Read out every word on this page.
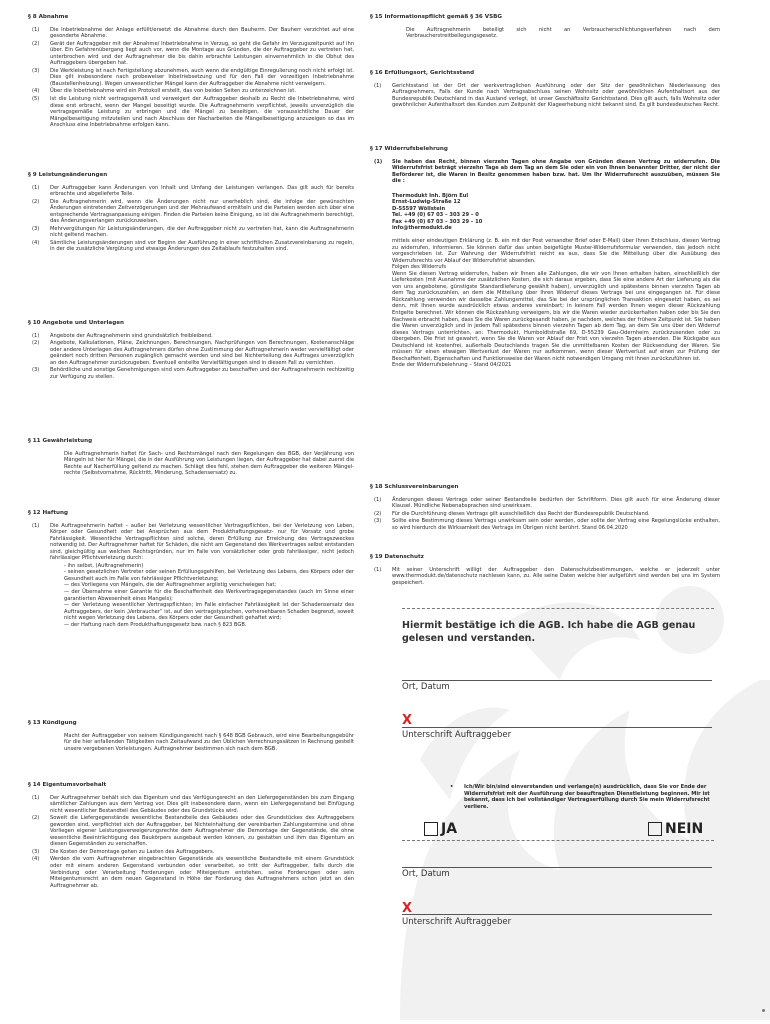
§ 8 Abnahme
(1)	Die Inbetriebnahme der Anlage erfüllt/ersetzt die Abnahme durch den Bauherrn. Der Bauherr verzichtet auf eine gesonderte Abnahme.
(2)	Gerät der Auftraggeber mit der Abnahme/ Inbetriebnahme in Verzug, so geht die Gefahr im Verzugszeitpunkt auf ihn über. Ein Gefahrenübergang liegt auch vor, wenn die Montage aus Gründen, die der Auftraggeber zu vertreten hat, unterbrochen wird und der Auftragnehmer die bis dahin erbrachte Leistungen einvernehmlich in die Obhut des Auftraggebers übergeben hat.
(3)	Die Werkleistung ist nach Fertigstellung abzunehmen, auch wenn die endgültige Einregulierung noch nicht erfolgt ist. Dies gilt insbesondere nach probeweiser Inbetriebsetzung und für den Fall der vorzeitigen Inbetriebnahme (Baustellenheizung). Wegen unwesentlicher Mängel kann der Auftraggeber die Abnahme nicht verweigern.
(4)	Über die Inbetriebnahme wird ein Protokoll erstellt, das von beiden Seiten zu unterzeichnen ist.
(5)	Ist die Leistung nicht vertragsgemäß und verweigert der Auftraggeber deshalb zu Recht die Inbetriebnahme, wird diese erst erbracht, wenn der Mangel beseitigt wurde. Die Auftragnehmerin verpflichtet, jeweils unverzüglich die vertragsgemäße Leistung zu erbringen und die Mängel zu beseitigen, die voraussichtliche Dauer der Mängelbeseitigung mitzuteilen und nach Abschluss der Nacharbeiten die Mängelbeseitigung anzuzeigen so das im Anschluss eine Inbetriebnahme erfolgen kann.
§ 9 Leistungsänderungen
(1)	Der Auftraggeber kann Änderungen von Inhalt und Umfang der Leistungen verlangen. Das gilt auch für bereits erbrachte und abgelieferte Teile.
(2)	Die Auftragnehmerin wird, wenn die Änderungen nicht nur unerheblich sind, die infolge der gewünschten Änderungen eintretenden Zeitverzögerungen und der Mehraufwand ermitteln und die Parteien werden sich über eine entsprechende Vertragsanpassung einigen. Finden die Parteien keine Einigung, so ist die Auftragnehmerin berechtigt, das Änderungsverlangen zurückzuweisen.
(3)	Mehrvergütungen für Leistungsänderungen, die der Auftraggeber nicht zu vertreten hat, kann die Auftragnehmerin nicht geltend machen.
(4)	Sämtliche Leistungsänderungen sind vor Beginn der Ausführung in einer schriftlichen Zusatzvereinbarung zu regeln, in der die zusätzliche Vergütung und etwaige Änderungen des Zeitablaufs festzuhalten sind.
§ 10 Angebote und Unterlagen
(1)	Angebote der Auftragnehmerin sind grundsätzlich freibleibend.
(2)	Angebote, Kalkulationen, Pläne, Zeichnungen, Berechnungen, Nachprüfungen von Berechnungen, Kostenanschläge oder andere Unterlagen des Auftragnehmers dürfen ohne Zustimmung der Auftragnehmerin weder vervielfältigt oder geändert noch dritten Personen zugänglich gemacht werden und sind bei Nichterteilung des Auftrages unverzüglich an den Auftragnehmer zurückzugeben. Eventuell erstellte Vervielfältigungen sind in diesem Fall zu vernichten.
(3)	Behördliche und sonstige Genehmigungen sind vom Auftraggeber zu beschaffen und der Auftragnehmerin rechtzeitig zur Verfügung zu stellen.
§ 11 Gewährleistung
Die Auftragnehmerin haftet für Sach- und Rechtsmängel nach den Regelungen des BGB, der Verjährung von Mängeln ist hier für Mängel, die in der Ausführung von Leistungen liegen, der Auftraggeber hat dabei zuerst die Rechte auf Nacherfüllung geltend zu machen. Schlägt dies fehl, stehen dem Auftraggeber die weiteren Mängel- rechte (Selbstvornahme, Rücktritt, Minderung, Schadensersatz) zu.
§ 12 Haftung
(1)	Die Auftragnehmerin haftet – außer bei Verletzung wesentlicher Vertragspflichten, bei der Verletzung von Leben, Körper oder Gesundheit oder bei Ansprüchen aus dem Produkthaftungsgesetz- nur für Vorsatz und grobe Fahrlässigkeit. Wesentliche Vertragspflichten sind solche, deren Erfüllung zur Erreichung des Vertragszweckes notwendig ist. Der Auftragnehmer haftet für Schäden, die nicht am Gegenstand des Werkvertrages selbst entstanden sind, gleichgültig aus welchen Rechtsgründen, nur im Falle von vorsätzlicher oder grob fahrlässiger, nicht jedoch fahrlässiger Pflichtverletzung durch:
- ihn selbst, (Auftragnehmerin)
- seinen gesetzlichen Vertreter oder seinen Erfüllungsgehilfen, bei Verletzung des Lebens, des Körpers oder der Gesundheit auch im Falle von fahrlässiger Pflichtverletzung;
— des Vorliegens von Mängeln, die der Auftragnehmer arglistig verschwiegen hat;
— der Übernahme einer Garantie für die Beschaffenheit des Werkvertragsgegenstandes (auch im Sinne einer garantierten Abwesenheit eines Mangels);
— der Verletzung wesentlicher Vertragspflichten; im Falle einfacher Fahrlässigkeit ist der Schadensersatz des Auftraggebers, der kein „Verbraucher“ ist, auf den vertragstypischen, vorhersehbaren Schaden begrenzt, soweit nicht wegen Verletzung des Lebens, des Körpers oder der Gesundheit gehaftet wird;
— der Haftung nach dem Produkthaftungsgesetz bzw. nach § 823 BGB.
§ 13 Kündigung
Macht der Auftraggeber von seinem Kündigungsrecht nach § 648 BGB Gebrauch, wird eine Bearbeitungsgebühr für die hier anfallenden Tätigkeiten nach Zeitaufwand zu den Üblichen Verrechnungssätzen in Rechnung gestellt unsere vergebenen Vorleistungen. Auftragnehmer bestimmen sich nach dem BGB.
§ 14 Eigentumsvorbehalt
(1)	Der Auftragnehmer behält sich das Eigentum und das Verfügungsrecht an den Liefergegenständen bis zum Eingang sämtlicher Zahlungen aus dem Vertrag vor. Dies gilt insbesondere dann, wenn ein Liefergegenstand bei Einfügung nicht wesentlicher Bestandteil des Gebäudes oder des Grundstücks wird.
(2)	Soweit die Liefergegenstände wesentliche Bestandteile des Gebäudes oder des Grundstückes des Auftraggebers geworden sind, verpflichtet sich der Auftraggeber, bei Nichteinhaltung der vereinbarten Zahlungstermine und ohne Vorliegen eigener Leistungsverweigerungsrechte dem Auftragnehmer die Demontage der Gegenstände, die ohne wesentliche Beeinträchtigung des Baukörpers ausgebaut werden können, zu gestatten und ihm das Eigentum an diesen Gegenständen zu verschaffen.
(3)	Die Kosten der Demontage gehen zu Lasten des Auftraggebers.
(4)	Werden die vom Auftragnehmer eingebrachten Gegenstände als wesentliche Bestandteile mit einem Grundstück oder mit einem anderen Gegenstand verbunden oder verarbeitet, so tritt der Auftraggeber, falls durch die Verbindung oder Verarbeitung Forderungen oder Miteigentum entstehen, seine Forderungen oder sein Miteigentumsrecht an dem neuen Gegenstand in Höhe der Forderung des Auftragnehmers schon jetzt an den Auftragnehmer ab.
§ 15 Informationspflicht gemäß § 36 VSBG
Die Auftragnehmerin beteiligt sich nicht an Verbraucherschlichtungsverfahren nach dem Verbraucherstreitbeilegungsgesetz.
§ 16 Erfüllungsort, Gerichtsstand
(1)	Gerichtsstand ist der Ort der werkvertraglichen Ausführung oder der Sitz der gewöhnlichen Niederlassung des Auftragnehmers, Falls der Kunde nach Vertragsabschluss seinen Wohnsitz oder gewöhnlichen Aufenthaltsort aus der Bundesrepublik Deutschland in das Ausland verlegt, ist unser Geschäftssitz Gerichtsstand. Dies gilt auch, falls Wohnsitz oder gewöhnlicher Aufenthaltsort des Kunden zum Zeitpunkt der Klageerhebung nicht bekannt sind. Es gilt bundesdeutsches Recht.
§ 17 Widerrufsbelehrung
(1)	Sie haben das Recht, binnen vierzehn Tagen ohne Angabe von Gründen diesen Vertrag zu widerrufen. Die Widerrufsfrist beträgt vierzehn Tage ab dem Tag an dem Sie oder ein von Ihnen benannter Dritter, der nicht der Beförderer ist, die Waren in Besitz genommen haben bzw. hat. Um Ihr Widerrufsrecht auszuüben, müssen Sie die :
Thermodukt Inh. Björn Eul
Ernst-Ludwig-Straße 12
D-55597 Wöllstein
Tel. +49 (0) 67 03 – 303 29 – 0
Fax +49 (0) 67 03 – 303 29 – 10
info@thermodukt.de
mittels einer eindeutigen Erklärung (z. B. ein mit der Post versandter Brief oder E-Mail) über Ihren Entschluss, diesen Vertrag zu widerrufen, informieren. Sie können dafür das unten beigefügte Muster-Widerrufsformular verwenden, das jedoch nicht vorgeschrieben ist. Zur Wahrung der Widerrufsfrist reicht es aus, dass Sie die Mitteilung über die Ausübung des Widerrufsrechts vor Ablauf der Widerrufsfrist absenden.
Folgen des Widerrufs
Wenn Sie diesen Vertrag widerrufen, haben wir Ihnen alle Zahlungen, die wir von Ihnen erhalten haben, einschließlich der Lieferkosten (mit Ausnahme der zusätzlichen Kosten, die sich daraus ergeben, dass Sie eine andere Art der Lieferung als die von uns angebotene, günstigste Standardlieferung gewählt haben), unverzüglich und spätestens binnen vierzehn Tagen ab dem Tag zurückzuzahlen, an dem die Mitteilung über Ihren Widerruf dieses Vertrags bei uns eingegangen ist. Für diese Rückzahlung verwenden wir dasselbe Zahlungsmittel, das Sie bei der ursprünglichen Transaktion eingesetzt haben, es sei denn, mit Ihnen wurde ausdrücklich etwas anderes vereinbart; in keinem Fall werden Ihnen wegen dieser Rückzahlung Entgelte berechnet. Wir können die Rückzahlung verweigern, bis wir die Waren wieder zurückerhalten haben oder bis Sie den Nachweis erbracht haben, dass Sie die Waren zurückgesandt haben, je nachdem, welches der frühere Zeitpunkt ist. Sie haben die Waren unverzüglich und in jedem Fall spätestens binnen vierzehn Tagen ab dem Tag, an dem Sie uns über den Widerruf dieses Vertrags unterrichten, an: Thermodukt, Humboldtstraße 69, D-55239 Gau-Odernheim zurückzusenden oder zu übergeben. Die Frist ist gewahrt, wenn Sie die Waren vor Ablauf der Frist von vierzehn Tagen absenden. Die Rückgabe aus Deutschland ist kostenfrei, außerhalb Deutschlands tragen Sie die unmittelbaren Kosten der Rücksendung der Waren. Sie müssen für einen etwaigen Wertverlust der Waren nur aufkommen, wenn dieser Wertverlust auf einen zur Prüfung der Beschaffenheit, Eigenschaften und Funktionsweise der Waren nicht notwendigen Umgang mit ihnen zurückzuführen ist.
Ende der Widerrufsbelehrung – Stand 04/2021
§ 18 Schlussvereinbarungen
(1)	Änderungen dieses Vertrags oder seiner Bestandteile bedürfen der Schriftform. Dies gilt auch für eine Änderung dieser Klausel. Mündliche Nebenabsprachen sind unwirksam.
(2)	Für die Durchführung dieses Vertrags gilt ausschließlich das Recht der Bundesrepublik Deutschland.
(3)	Sollte eine Bestimmung dieses Vertrags unwirksam sein oder werden, oder sollte der Vertrag eine Regelungslücke enthalten, so wird hierdurch die Wirksamkeit des Vertrags im Übrigen nicht berührt. Stand 06.04.2020
§ 19 Datenschutz
(1)	Mit seiner Unterschrift willigt der Auftraggeber den Datenschutzbestimmungen, welche er jederzeit unter www.thermodukt.de/datenschutz nachlesen kann, zu. Alle seine Daten welche hier aufgeführt sind werden bei uns im System gespeichert.
Hiermit bestätige ich die AGB. Ich habe die AGB genau gelesen und verstanden.
Ort, Datum
X
Unterschrift Auftraggeber
•	Ich/Wir bin/sind einverstanden und verlange(n) ausdrücklich, dass Sie vor Ende der Widerrufsfrist mit der Ausführung der beauftragten Dienstleistung beginnen. Mir ist bekannt, dass ich bei vollständiger Vertragserfüllung durch Sie mein Widerrufsrecht verliere.
JA	NEIN
Ort, Datum
X
Unterschrift Auftraggeber
